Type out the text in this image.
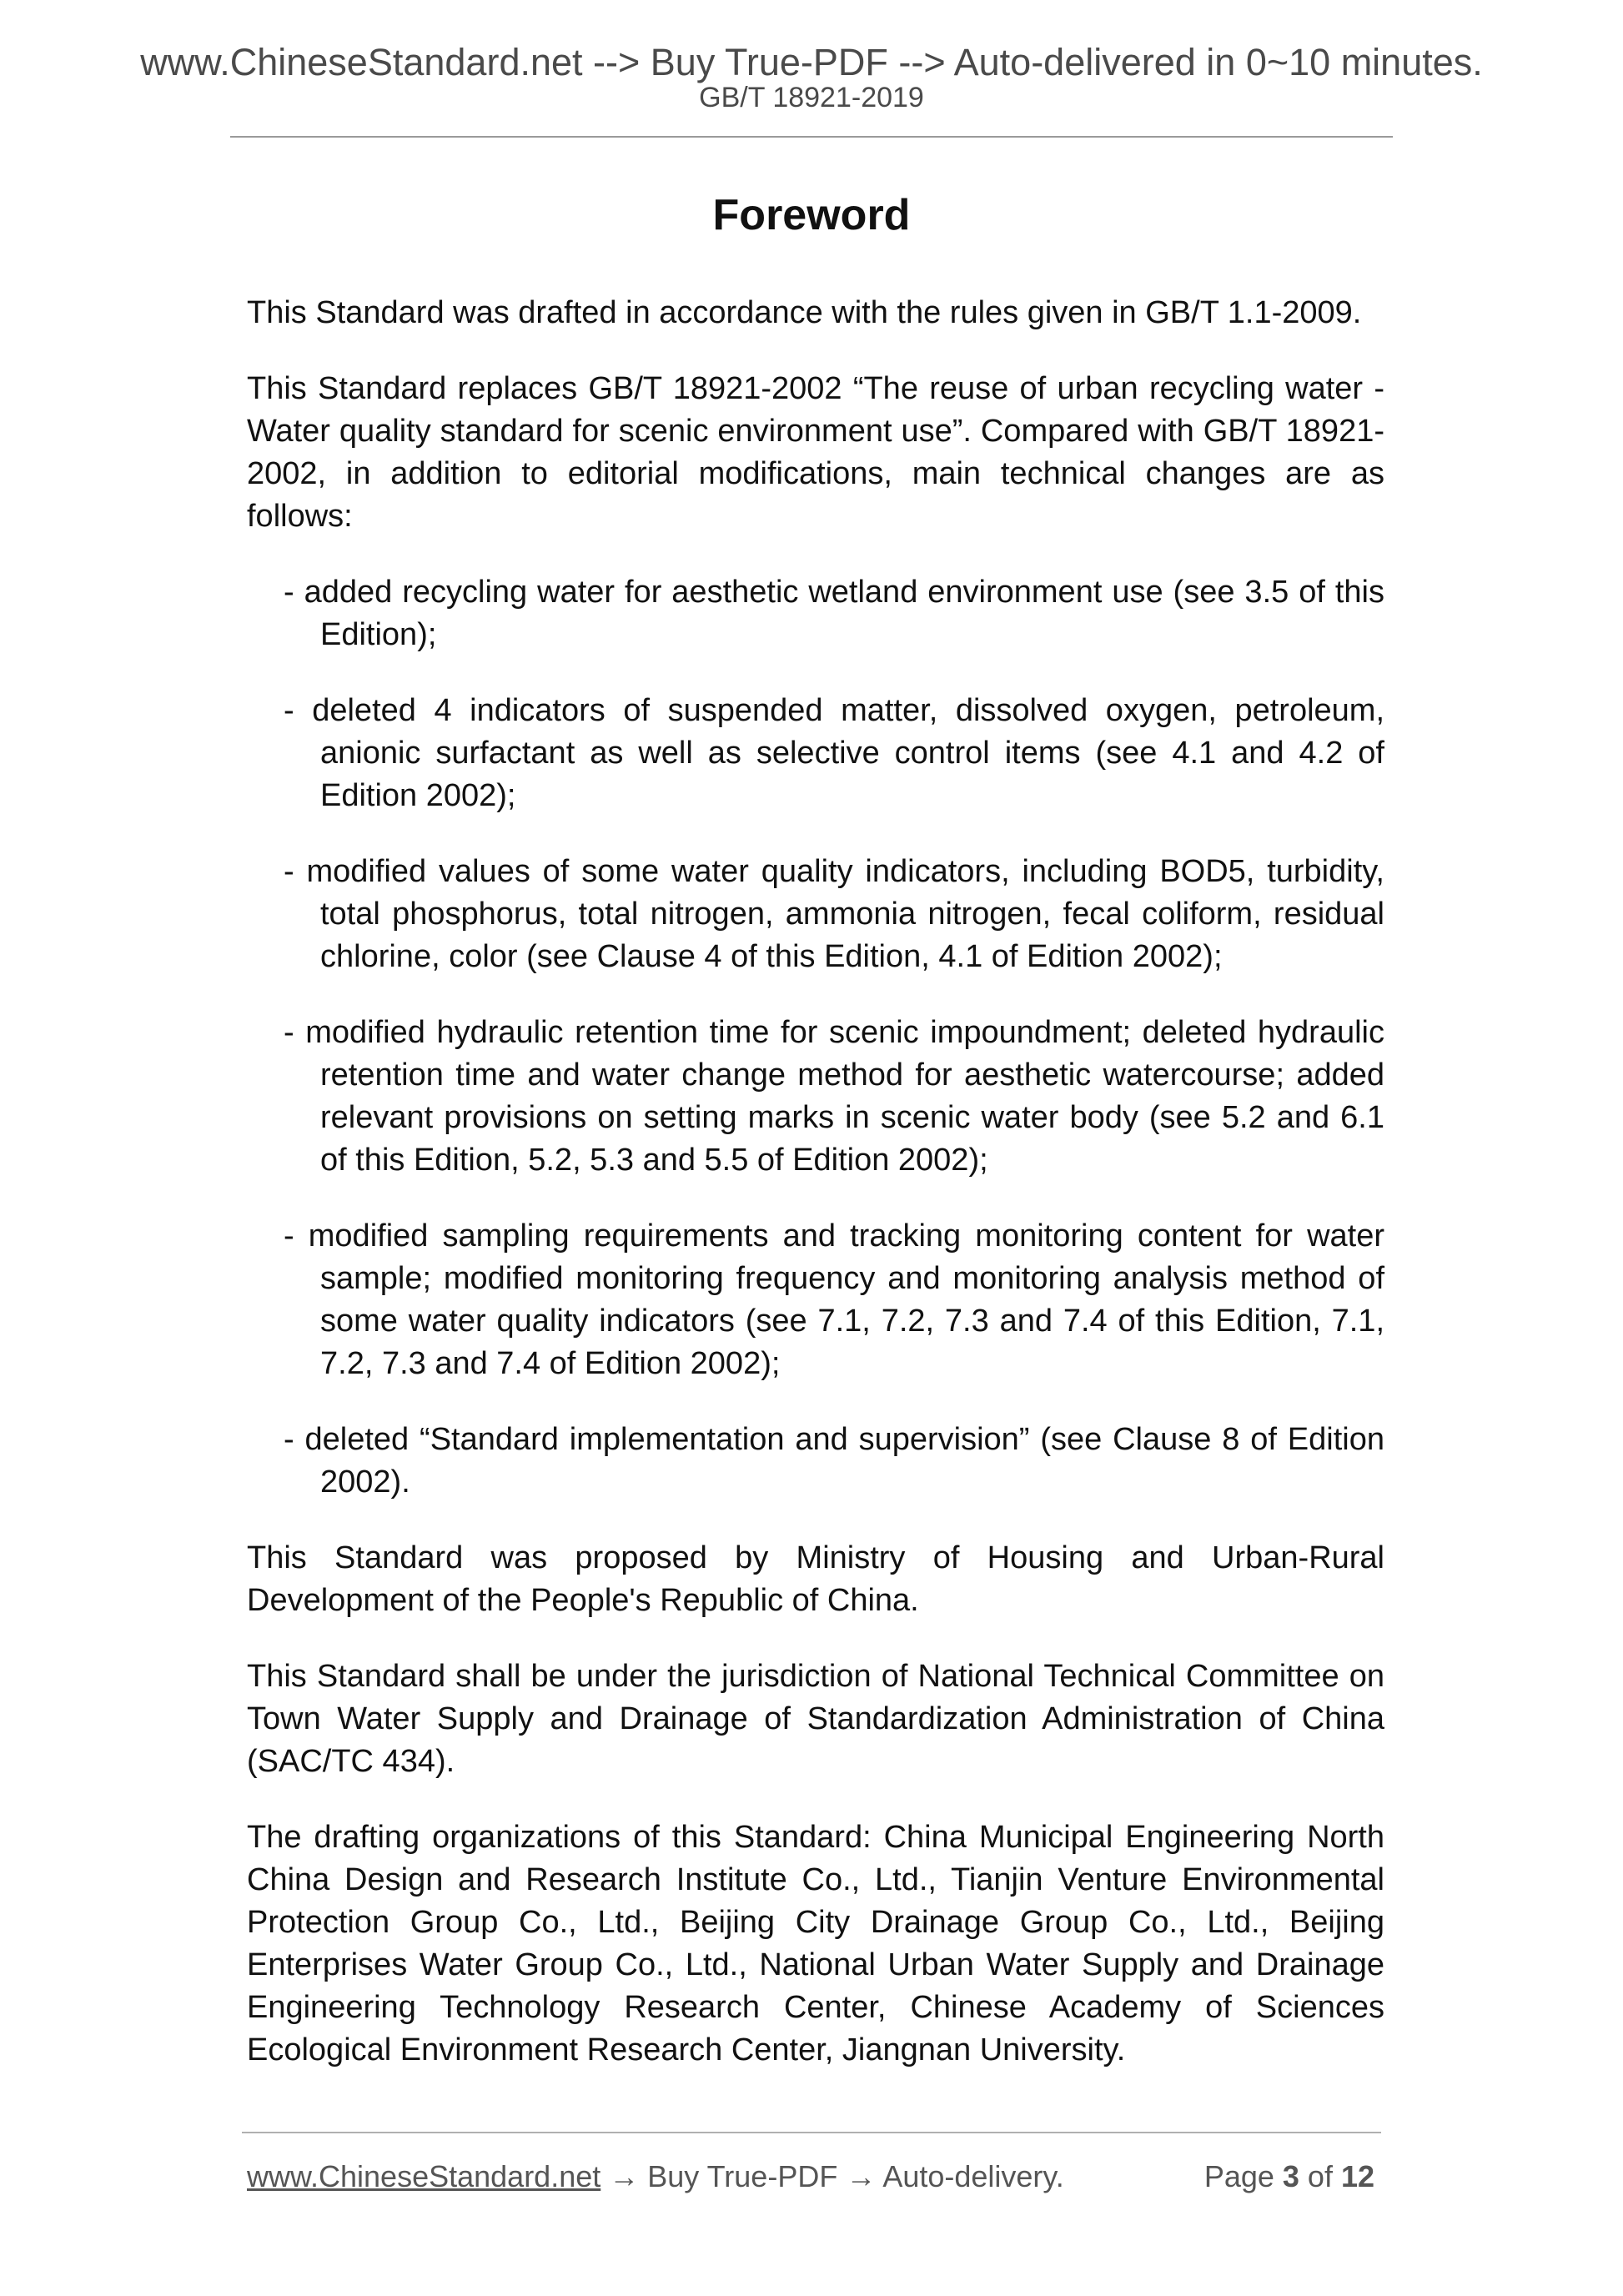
www.ChineseStandard.net --> Buy True-PDF --> Auto-delivered in 0~10 minutes.
GB/T 18921-2019
Foreword

This Standard was drafted in accordance with the rules given in GB/T 1.1-2009.

This Standard replaces GB/T 18921-2002 “The reuse of urban recycling water - Water quality standard for scenic environment use”. Compared with GB/T 18921-2002, in addition to editorial modifications, main technical changes are as follows:

- added recycling water for aesthetic wetland environment use (see 3.5 of this Edition);

- deleted 4 indicators of suspended matter, dissolved oxygen, petroleum, anionic surfactant as well as selective control items (see 4.1 and 4.2 of Edition 2002);

- modified values of some water quality indicators, including BOD5, turbidity, total phosphorus, total nitrogen, ammonia nitrogen, fecal coliform, residual chlorine, color (see Clause 4 of this Edition, 4.1 of Edition 2002);

- modified hydraulic retention time for scenic impoundment; deleted hydraulic retention time and water change method for aesthetic watercourse; added relevant provisions on setting marks in scenic water body (see 5.2 and 6.1 of this Edition, 5.2, 5.3 and 5.5 of Edition 2002);

- modified sampling requirements and tracking monitoring content for water sample; modified monitoring frequency and monitoring analysis method of some water quality indicators (see 7.1, 7.2, 7.3 and 7.4 of this Edition, 7.1, 7.2, 7.3 and 7.4 of Edition 2002);

- deleted “Standard implementation and supervision” (see Clause 8 of Edition 2002).

This Standard was proposed by Ministry of Housing and Urban-Rural Development of the People's Republic of China.

This Standard shall be under the jurisdiction of National Technical Committee on Town Water Supply and Drainage of Standardization Administration of China (SAC/TC 434).

The drafting organizations of this Standard: China Municipal Engineering North China Design and Research Institute Co., Ltd., Tianjin Venture Environmental Protection Group Co., Ltd., Beijing City Drainage Group Co., Ltd., Beijing Enterprises Water Group Co., Ltd., National Urban Water Supply and Drainage Engineering Technology Research Center, Chinese Academy of Sciences Ecological Environment Research Center, Jiangnan University.

www.ChineseStandard.net → Buy True-PDF → Auto-delivery.	Page 3 of 12
